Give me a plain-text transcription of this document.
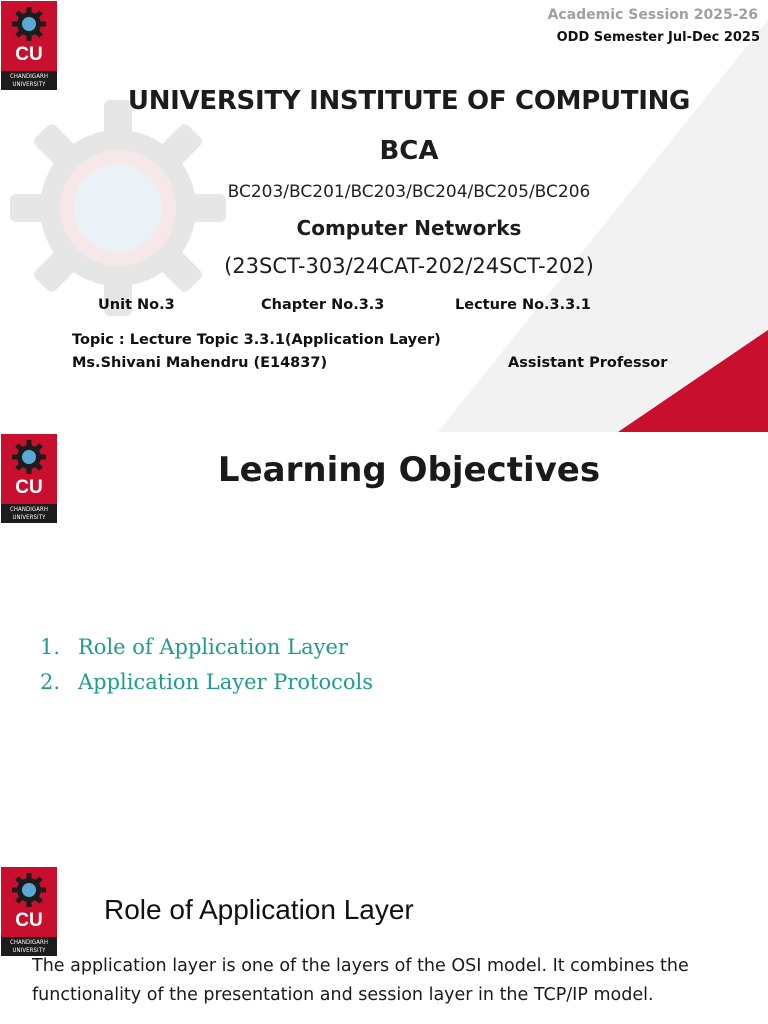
CU
CHANDIGARH
UNIVERSITY
Academic Session 2025-26
ODD Semester Jul-Dec 2025
UNIVERSITY INSTITUTE OF COMPUTING
BCA
BC203/BC201/BC203/BC204/BC205/BC206
Computer Networks
(23SCT-303/24CAT-202/24SCT-202)
Unit No.3	Chapter No.3.3	Lecture No.3.3.1
Topic : Lecture Topic 3.3.1(Application Layer)
Ms.Shivani Mahendru (E14837)	Assistant Professor
CU
CHANDIGARH
UNIVERSITY
Learning Objectives
1. Role of Application Layer
2. Application Layer Protocols
CU
CHANDIGARH
UNIVERSITY
Role of Application Layer
The application layer is one of the layers of the OSI model. It combines the
functionality of the presentation and session layer in the TCP/IP model.
